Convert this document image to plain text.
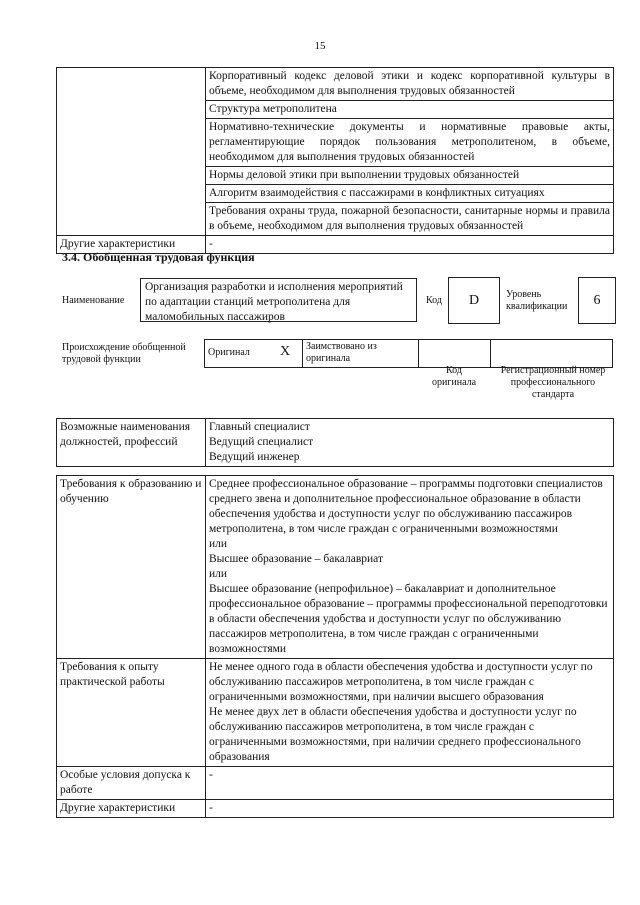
15
	Корпоративный кодекс деловой этики и кодекс корпоративной культуры в объеме, необходимом для выполнения трудовых обязанностей
	Структура метрополитена
	Нормативно-технические документы и нормативные правовые акты, регламентирующие порядок пользования метрополитеном, в объеме, необходимом для выполнения трудовых обязанностей
	Нормы деловой этики при выполнении трудовых обязанностей
	Алгоритм взаимодействия с пассажирами в конфликтных ситуациях
	Требования охраны труда, пожарной безопасности, санитарные нормы и правила в объеме, необходимом для выполнения трудовых обязанностей
Другие характеристики	-
3.4. Обобщенная трудовая функция
Наименование
Организация разработки и исполнения мероприятий по адаптации станций метрополитена для маломобильных пассажиров
Код	D	Уровень квалификации	6
Происхождение обобщенной трудовой функции
Оригинал X Заимствовано из оригинала
Код оригинала
Регистрационный номер профессионального стандарта
Возможные наименования должностей, профессий	
Главный специалист
Ведущий специалист
Ведущий инженер
Требования к образованию и обучению	Среднее профессиональное образование – программы подготовки специалистов среднего звена и дополнительное профессиональное образование в области обеспечения удобства и доступности услуг по обслуживанию пассажиров метрополитена, в том числе граждан с ограниченными возможностями
или
Высшее образование – бакалавриат
или
Высшее образование (непрофильное) – бакалавриат и дополнительное профессиональное образование – программы профессиональной переподготовки в области обеспечения удобства и доступности услуг по обслуживанию пассажиров метрополитена, в том числе граждан с ограниченными возможностями

Требования к опыту практической работы	Не менее одного года в области обеспечения удобства и доступности услуг по обслуживанию пассажиров метрополитена, в том числе граждан с ограниченными возможностями, при наличии высшего образования
Не менее двух лет в области обеспечения удобства и доступности услуг по обслуживанию пассажиров метрополитена, в том числе граждан с ограниченными возможностями, при наличии среднего профессионального образования

Особые условия допуска к работе	-
Другие характеристики	-
